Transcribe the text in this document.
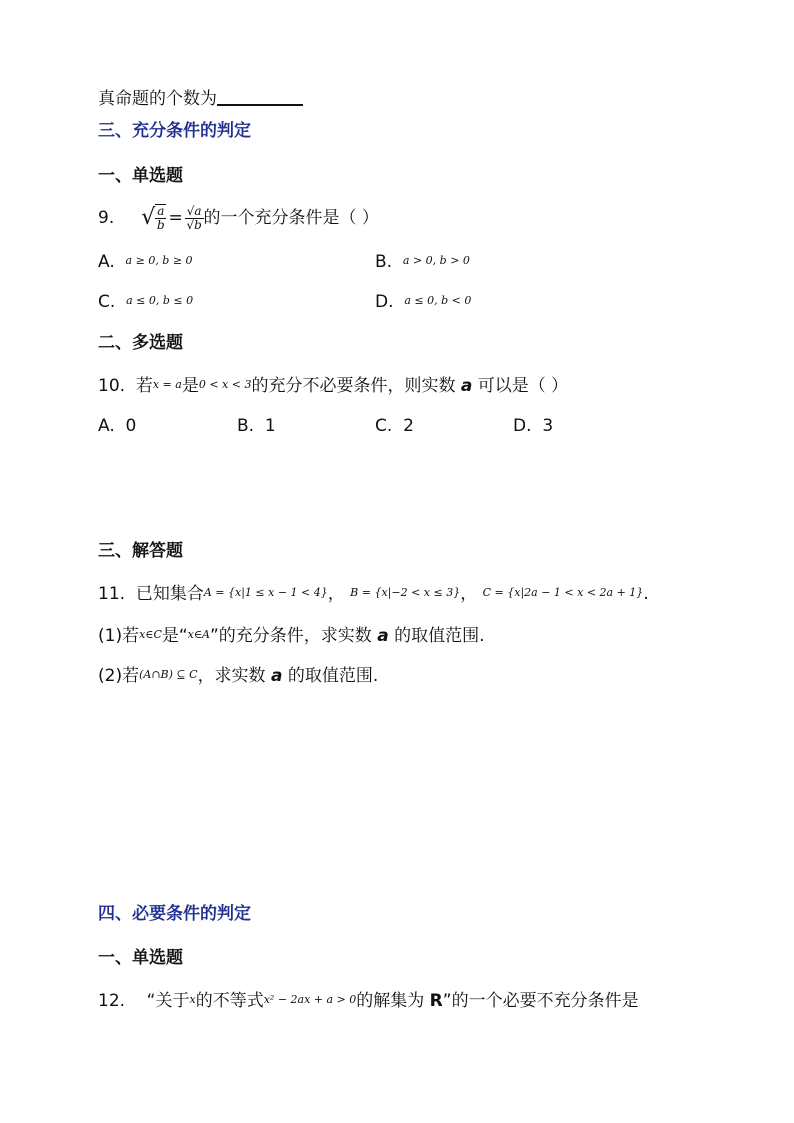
真命题的个数为
三、充分条件的判定
一、单选题
9. √ $\frac{a}{b} = \frac{√a}{√b}$ 的一个充分条件是（ ）
A. a ≥ 0, b ≥ 0	B. a > 0, b > 0
C. a ≤ 0, b ≤ 0	D. a ≤ 0, b < 0
二、多选题
10. 若x = a是0 < x < 3的充分不必要条件，则实数 a 可以是（ ）
A. 0	B. 1	C. 2	D. 3
三、解答题
11. 已知集合A = {x|1 ≤ x − 1 < 4}， B = {x|−2 < x ≤ 3}， C = {x|2a − 1 < x < 2a + 1}.
(1)若x∈C是“x∈A”的充分条件，求实数 a 的取值范围.
(2)若(A∩B) ⊆ C，求实数 a 的取值范围.
四、必要条件的判定
一、单选题
12. “关于x的不等式x² − 2ax + a > 0的解集为 R”的一个必要不充分条件是
